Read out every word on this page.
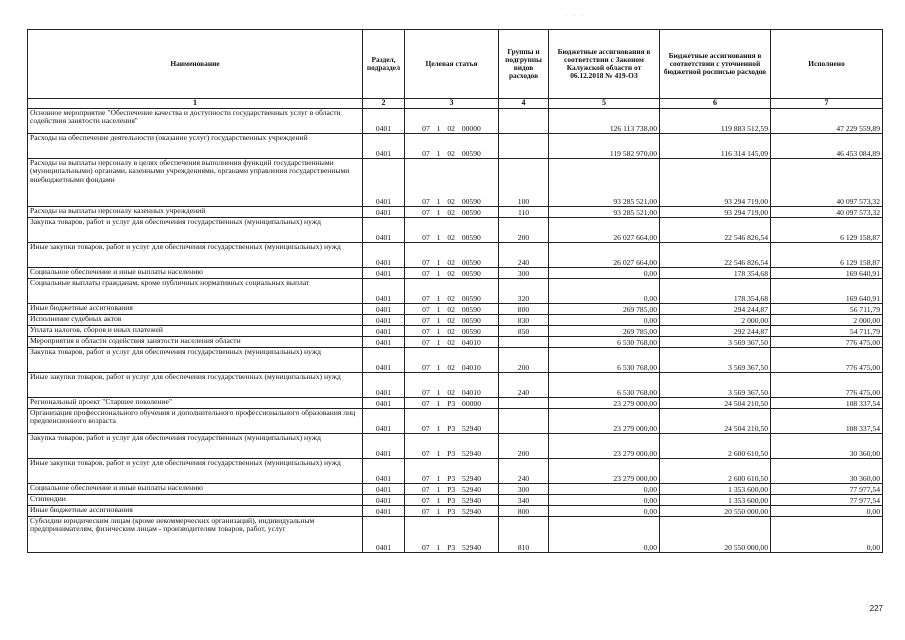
· · ·
Наименование	Раздел, подраздел	Целевая статья	Группы и подгруппы видов расходов	Бюджетные ассигнования в соответствии с Законом Калужской области от 06.12.2018 № 419-ОЗ	Бюджетные ассигнования в соответствии с уточненной бюджетной росписью расходов	Исполнено
1	2	3	4	5	6	7
Основное мероприятие "Обеспечение качества и доступности государственных услуг в области содействия занятости населения"	0401	07 1 02 00000		126 113 738,00	119 883 512,59	47 229 559,89
Расходы на обеспечение деятельности (оказание услуг) государственных учреждений	0401	07 1 02 00590		119 582 970,00	116 314 145,09	46 453 084,89
Расходы на выплаты персоналу в целях обеспечения выполнения функций государственными (муниципальными) органами, казенными учреждениями, органами управления государственными внебюджетными фондами	0401	07 1 02 00590	100	93 285 521,00	93 294 719,00	40 097 573,32
Расходы на выплаты персоналу казенных учреждений	0401	07 1 02 00590	110	93 285 521,00	93 294 719,00	40 097 573,32
Закупка товаров, работ и услуг для обеспечения государственных (муниципальных) нужд	0401	07 1 02 00590	200	26 027 664,00	22 546 826,54	6 129 158,87
Иные закупки товаров, работ и услуг для обеспечения государственных (муниципальных) нужд	0401	07 1 02 00590	240	26 027 664,00	22 546 826,54	6 129 158,87
Социальное обеспечение и иные выплаты населению	0401	07 1 02 00590	300	0,00	178 354,68	169 640,91
Социальные выплаты гражданам, кроме публичных нормативных социальных выплат	0401	07 1 02 00590	320	0,00	178 354,68	169 640,91
Иные бюджетные ассигнования	0401	07 1 02 00590	800	269 785,00	294 244,87	56 711,79
Исполнение судебных актов	0401	07 1 02 00590	830	0,00	2 000,00	2 000,00
Уплата налогов, сборов и иных платежей	0401	07 1 02 00590	850	269 785,00	292 244,87	54 711,79
Мероприятия в области содействия занятости населения области	0401	07 1 02 04010		6 530 768,00	3 569 367,50	776 475,00
Закупка товаров, работ и услуг для обеспечения государственных (муниципальных) нужд	0401	07 1 02 04010	200	6 530 768,00	3 569 367,50	776 475,00
Иные закупки товаров, работ и услуг для обеспечения государственных (муниципальных) нужд	0401	07 1 02 04010	240	6 530 768,00	3 569 367,50	776 475,00
Региональный проект "Старшее поколение"	0401	07 1 P3 00000		23 279 000,00	24 504 210,50	108 337,54
Организация профессионального обучения и дополнительного профессионального образования лиц предпенсионного возраста	0401	07 1 P3 52940		23 279 000,00	24 504 210,50	108 337,54
Закупка товаров, работ и услуг для обеспечения государственных (муниципальных) нужд	0401	07 1 P3 52940	200	23 279 000,00	2 600 610,50	30 360,00
Иные закупки товаров, работ и услуг для обеспечения государственных (муниципальных) нужд	0401	07 1 P3 52940	240	23 279 000,00	2 600 610,50	30 360,00
Социальное обеспечение и иные выплаты населению	0401	07 1 P3 52940	300	0,00	1 353 600,00	77 977,54
Стипендии	0401	07 1 P3 52940	340	0,00	1 353 600,00	77 977,54
Иные бюджетные ассигнования	0401	07 1 P3 52940	800	0,00	20 550 000,00	0,00
Субсидии юридическим лицам (кроме некоммерческих организаций), индивидуальным предпринимателям, физическим лицам - производителям товаров, работ, услуг	0401	07 1 P3 52940	810	0,00	20 550 000,00	0,00
227
